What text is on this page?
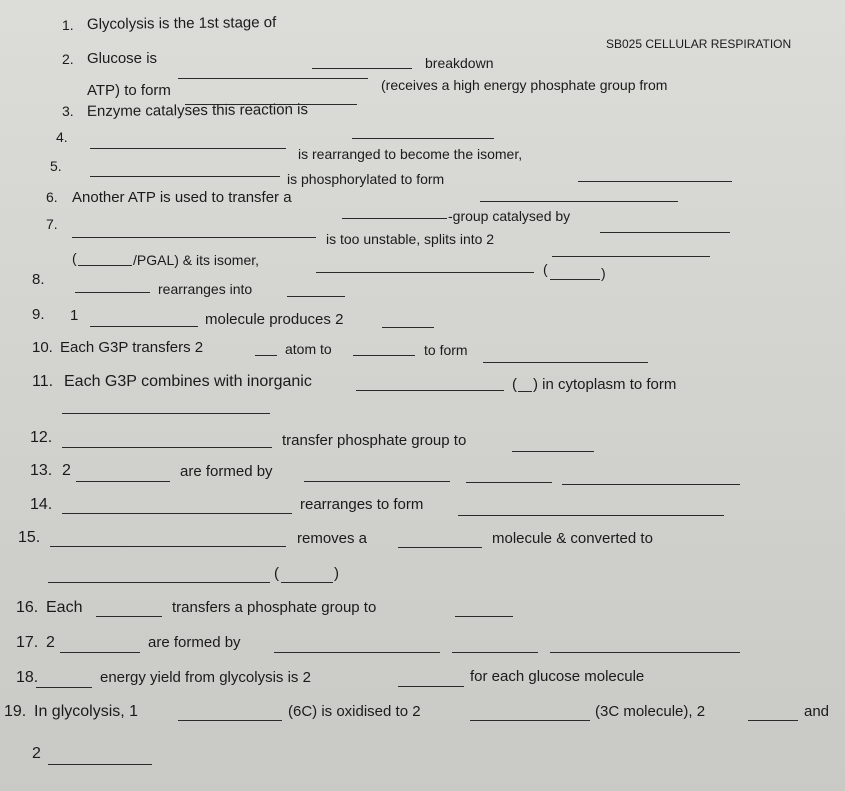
SB025 CELLULAR RESPIRATION
1. Glycolysis is the 1st stage of
breakdown
2. Glucose is
(receives a high energy phosphate group from
ATP) to form
3. Enzyme catalyses this reaction is
4.
is rearranged to become the isomer,
5.
is phosphorylated to form
6. Another ATP is used to transfer a
-group catalysed by
7.
is too unstable, splits into 2
(	/PGAL) & its isomer,
(	)
8.
rearranges into
9. 1	molecule produces 2
10. Each G3P transfers 2	atom to	to form
11. Each G3P combines with inorganic	( ) in cytoplasm to form
12.	transfer phosphate group to
13. 2	are formed by
14.	rearranges to form
15.	removes a	molecule & converted to
(	)
16. Each	transfers a phosphate group to
17. 2	are formed by
18.	energy yield from glycolysis is 2	for each glucose molecule
19. In glycolysis, 1	(6C) is oxidised to 2	(3C molecule), 2	and
2
